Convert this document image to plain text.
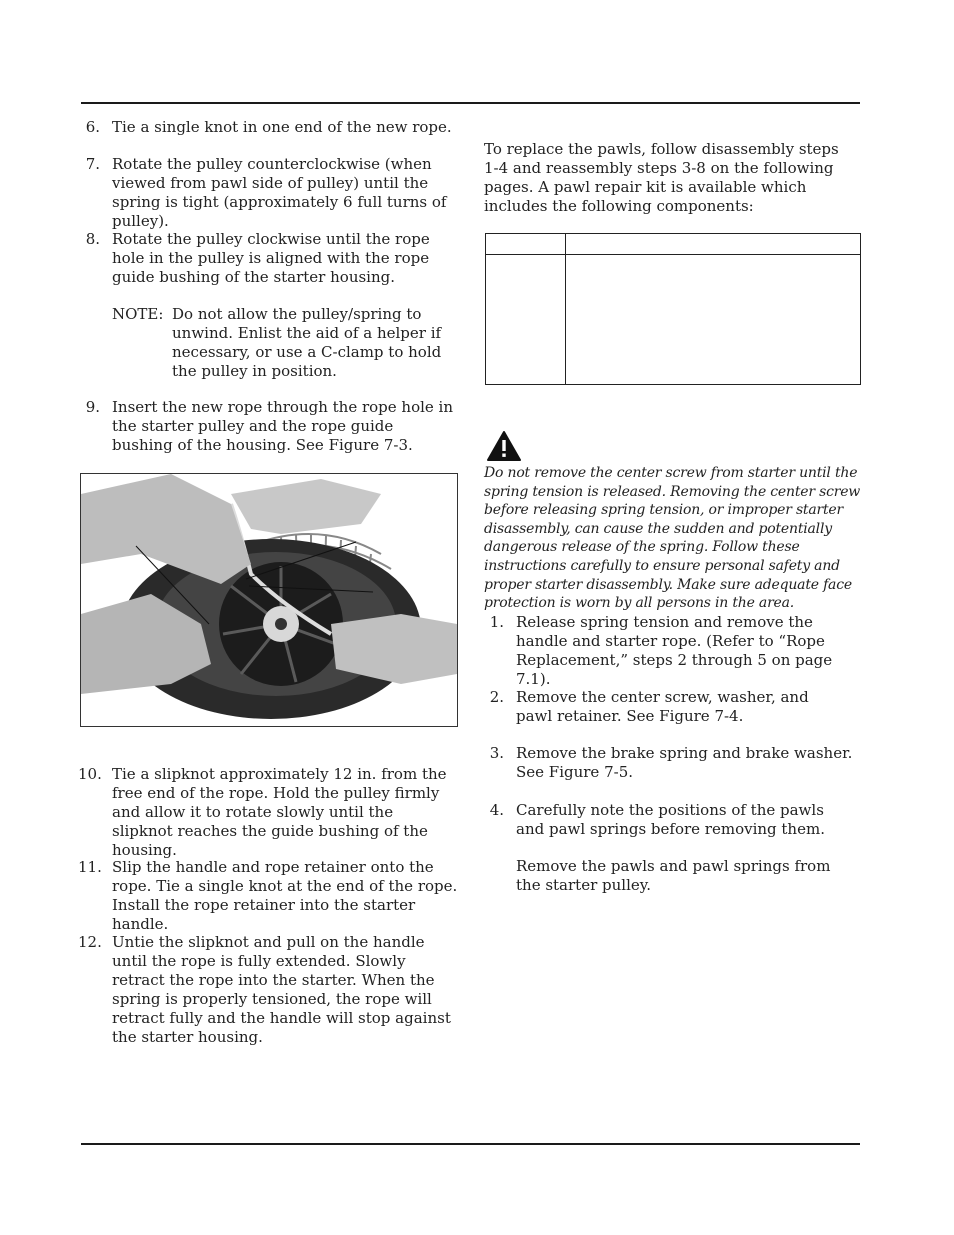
6. Tie a single knot in one end of the new rope.
7. Rotate the pulley counterclockwise (when viewed from pawl side of pulley) until the spring is tight (approximately 6 full turns of pulley).
8. Rotate the pulley clockwise until the rope hole in the pulley is aligned with the rope guide bushing of the starter housing.
NOTE: Do not allow the pulley/spring to unwind. Enlist the aid of a helper if necessary, or use a C-clamp to hold the pulley in position.
9. Insert the new rope through the rope hole in the starter pulley and the rope guide bushing of the housing. See Figure 7-3.
10. Tie a slipknot approximately 12 in. from the free end of the rope. Hold the pulley firmly and allow it to rotate slowly until the slipknot reaches the guide bushing of the housing.
11. Slip the handle and rope retainer onto the rope. Tie a single knot at the end of the rope. Install the rope retainer into the starter handle.
12. Untie the slipknot and pull on the handle until the rope is fully extended. Slowly retract the rope into the starter. When the spring is properly tensioned, the rope will retract fully and the handle will stop against the starter housing.
To replace the pawls, follow disassembly steps 1-4 and reassembly steps 3-8 on the following pages. A pawl repair kit is available which includes the following components:
Do not remove the center screw from starter until the spring tension is released. Removing the center screw before releasing spring tension, or improper starter disassembly, can cause the sudden and potentially dangerous release of the spring. Follow these instructions carefully to ensure personal safety and proper starter disassembly. Make sure adequate face protection is worn by all persons in the area.
1. Release spring tension and remove the handle and starter rope. (Refer to “Rope Replacement,” steps 2 through 5 on page 7.1).
2. Remove the center screw, washer, and pawl retainer. See Figure 7-4.
3. Remove the brake spring and brake washer. See Figure 7-5.
4. Carefully note the positions of the pawls and pawl springs before removing them.
Remove the pawls and pawl springs from the starter pulley.
